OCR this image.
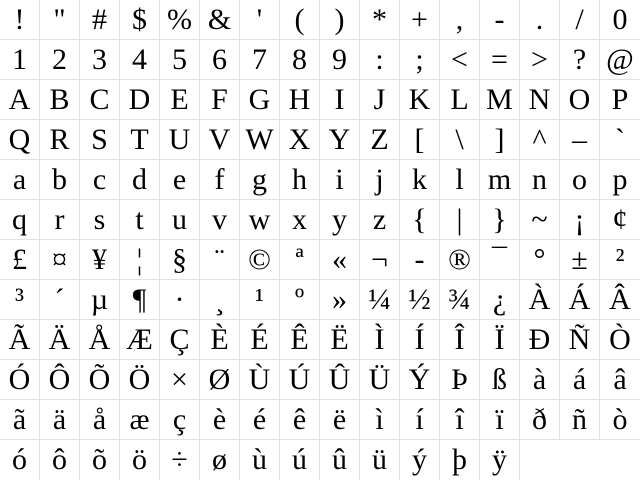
! " # $ % & '	(	) * + ,	-	.	/ 0
1 2 3 4 5 6 7 8 9 :	; < = > ? @
A B C D E F G H I J K L M N O P
Q R S T U V W X Y Z [	\	] ^ – `
a b c d e f g h i	j k l m n o p
q r s t u v w x y z { | } ~ ¡ ¢
£ ¤ ¥ ¦ § ¨ © ª « ¬ - ® ¯ ° ± ²
³	´ µ ¶ ·	¸	¹	º » ¼ ½ ¾ ¿ À Á Â
Ã Ä Å Æ Ç È É Ê Ë Ì	Í	Î	Ï Ð Ñ Ò
Ó Ô Õ Ö × Ø Ù Ú Û Ü Ý Þ ß à á â
ã ä å æ ç è é ê ë ì	í	î	ï ð ñ ò
ó ô õ ö ÷ ø ù ú û ü ý þ ÿ
